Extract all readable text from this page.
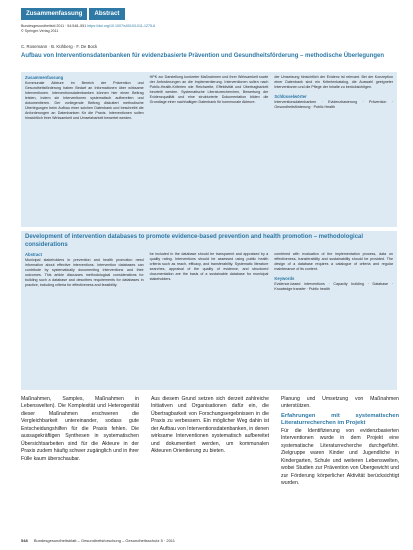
Zusammenfassung	Abstract
Bundesgesundheitsbl 2011 · 54:548–551 https://doi.org/10.1007/s00103-011-1275-6
© Springer-Verlag 2011
C. Rosemann · B. Kühberg · F. De Bock
Aufbau von Interventionsdatenbanken für evidenzbasierte Prävention und Gesundheitsförderung – methodische Überlegungen
Zusammenfassung
Kommunale Akteure im Bereich der Prävention und Gesundheitsförderung haben Bedarf an Informationen über wirksame Interventionen. Interventionsdatenbanken können hier einen Beitrag leisten, indem sie Interventionen systematisch aufbereiten und dokumentieren. Der vorliegende Beitrag diskutiert methodische Überlegungen beim Aufbau einer solchen Datenbank und beschreibt die Anforderungen an Datenbanken für die Praxis. Interventionen sollen hinsichtlich ihrer Wirksamkeit und Umsetzbarkeit bewertet werden.
HPK zur Darstellung konkreter Maßnahmen und ihrer Wirksamkeit sowie der Anforderungen an die Implementierung. Interventionen sollen nach Public-Health-Kriterien wie Reichweite, Effektivität und Übertragbarkeit beurteilt werden. Systematische Literaturrecherchen, Bewertung der Evidenzqualität und eine strukturierte Dokumentation bilden die Grundlage einer nachhaltigen Datenbank für kommunale Akteure.
der Umsetzung hinsichtlich der Evidenz ist relevant. Bei der Konzeption einer Datenbank sind ein Kriterienkatalog, die Auswahl geeigneter Interventionen und die Pflege der Inhalte zu berücksichtigen.
Schlüsselwörter
Interventionsdatenbanken · Evidenzbasierung · Prävention · Gesundheitsförderung · Public Health
Development of intervention databases to promote evidence-based prevention and health promotion – methodological considerations
Abstract
Municipal stakeholders in prevention and health promotion need information about effective interventions. Intervention databases can contribute by systematically documenting interventions and their outcomes. This article discusses methodological considerations for building such a database and describes requirements for databases in practice, including criteria for effectiveness and feasibility.
be included in the database should be transparent and appraised by a quality rating. Interventions should be assessed using public health criteria such as reach, efficacy, and transferability. Systematic literature searches, appraisal of the quality of evidence, and structured documentation are the basis of a sustainable database for municipal stakeholders.
combined with evaluation of the implementation process, data on effectiveness, transferability and sustainability should be provided. The design of a database requires a catalogue of criteria and regular maintenance of its content.
Keywords
Evidence-based interventions · Capacity building · Database · Knowledge transfer · Public health
Maßnahmen, Samples, Maßnahmen in Lebenswelten). Die Komplexität und Heterogenität dieser Maßnahmen erschweren die Vergleichbarkeit untereinander, sodass gute Entscheidungshilfen für die Praxis fehlen. Die aussagekräftigen Synthesen in systematischen Übersichtsarbeiten sind für die Akteure in der Praxis zudem häufig schwer zugänglich und in ihrer Fülle kaum überschaubar.
Aus diesem Grund setzen sich derzeit zahlreiche Initiativen und Organisationen dafür ein, die Übertragbarkeit von Forschungsergebnissen in die Praxis zu verbessern. Ein möglicher Weg dahin ist der Aufbau von Interventionsdatenbanken, in denen wirksame Interventionen systematisch aufbereitet und dokumentiert werden, um kommunalen Akteuren Orientierung zu bieten.
Planung und Umsetzung von Maßnahmen unterstützen.
Erfahrungen mit systematischen Literaturrecherchen im Projekt
Für die Identifizierung von evidenzbasierten Interventionen wurde in dem Projekt eine systematische Literaturrecherche durchgeführt. Zielgruppe waren Kinder und Jugendliche in Kindergarten, Schule und weiteren Lebenswelten, wobei Studien zur Prävention von Übergewicht und zur Förderung körperlicher Aktivität berücksichtigt wurden.
548 Bundesgesundheitsblatt – Gesundheitsforschung – Gesundheitsschutz 5 · 2011
